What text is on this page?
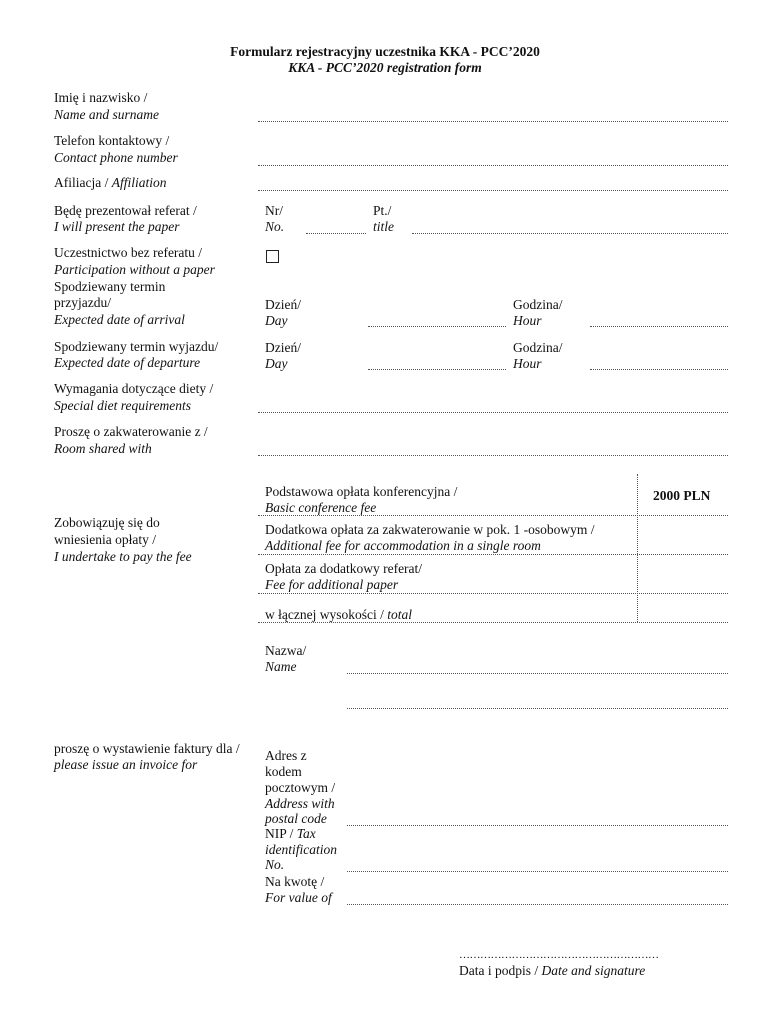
Formularz rejestracyjny uczestnika KKA - PCC’2020
KKA - PCC’2020 registration form
Imię i nazwisko /
Name and surname
Telefon kontaktowy /
Contact phone number
Afiliacja / Affiliation
Będę prezentował referat /
I will present the paper
Nr/
No.
Pt./
title
Uczestnictwo bez referatu /
Participation without a paper
Spodziewany termin
przyjazdu/
Expected date of arrival
Dzień/
Day
Godzina/
Hour
Spodziewany termin wyjazdu/
Expected date of departure
Dzień/
Day
Godzina/
Hour
Wymagania dotyczące diety /
Special diet requirements
Proszę o zakwaterowanie z /
Room shared with
Zobowiązuję się do
wniesienia opłaty /
I undertake to pay the fee
Podstawowa opłata konferencyjna /
Basic conference fee
2000 PLN
Dodatkowa opłata za zakwaterowanie w pok. 1 -osobowym /
Additional fee for accommodation in a single room
Opłata za dodatkowy referat/
Fee for additional paper
w łącznej wysokości / total
proszę o wystawienie faktury dla /
please issue an invoice for
Nazwa/
Name
Adres z
kodem
pocztowym /
Address with
postal code
NIP / Tax
identification
No.
Na kwotę /
For value of
…………………………………………………
Data i podpis / Date and signature
